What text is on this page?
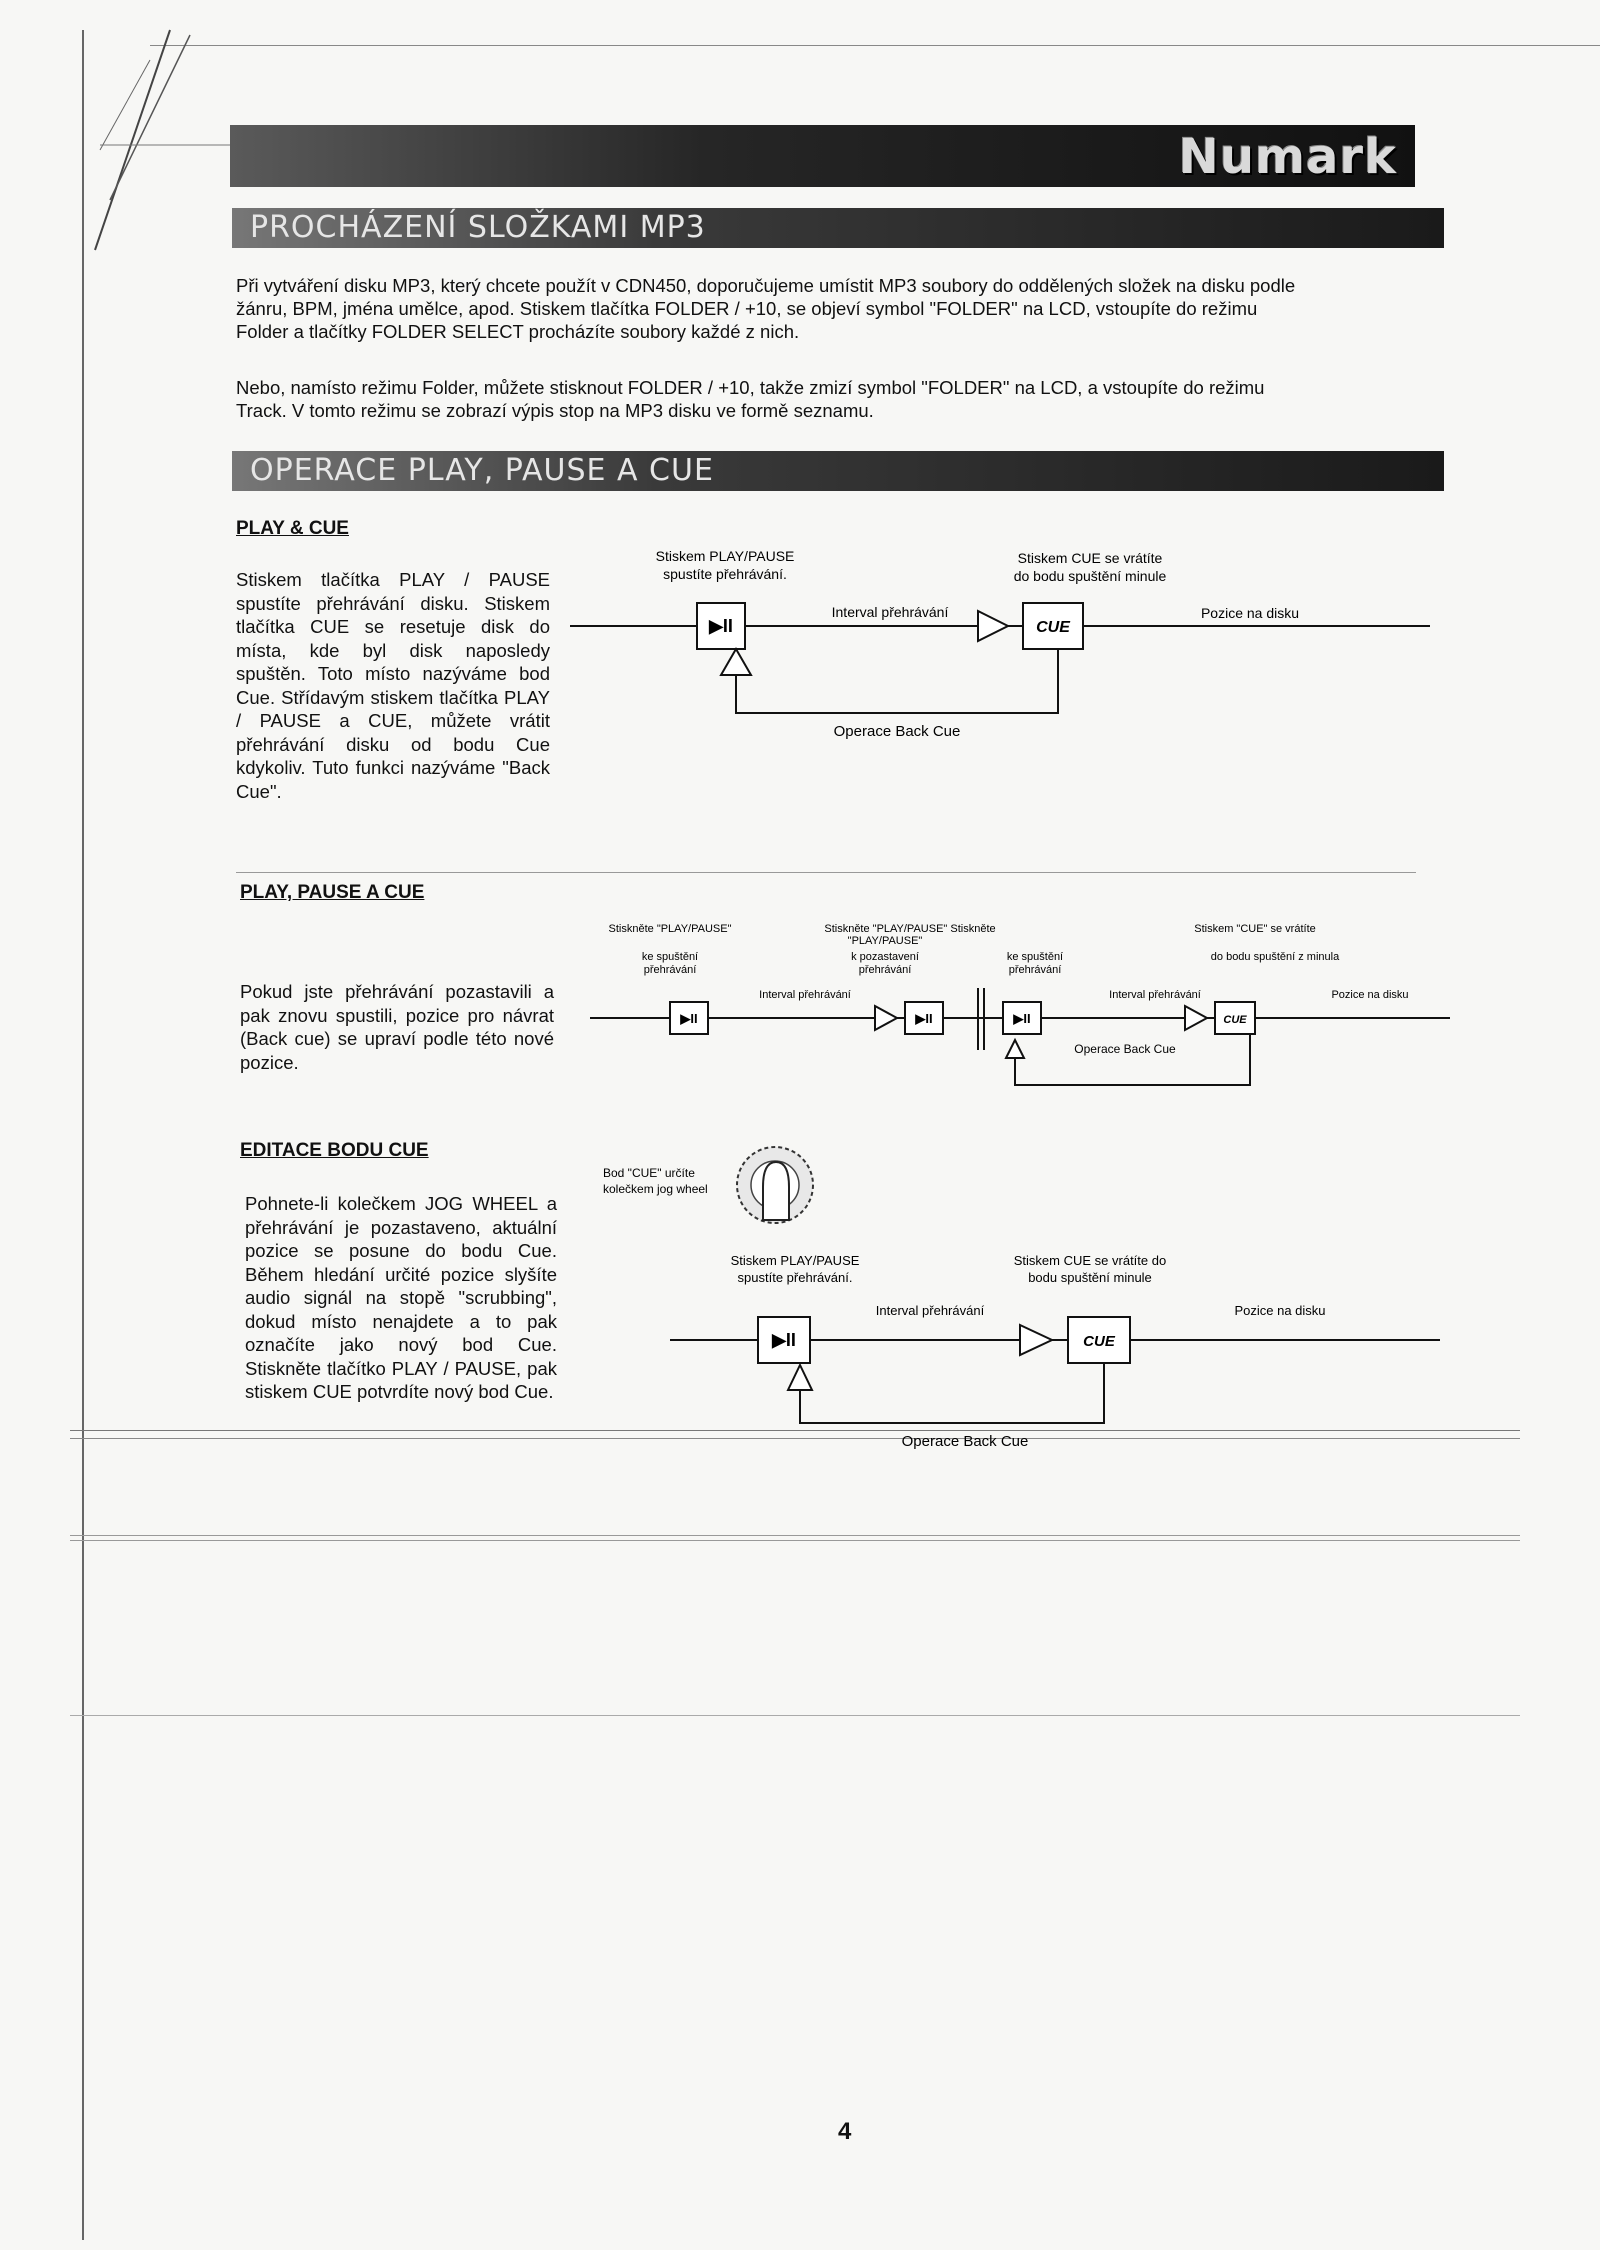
Numark
PROCHÁZENÍ SLOŽKAMI MP3
Při vytváření disku MP3, který chcete použít v CDN450, doporučujeme umístit MP3 soubory do oddělených složek na disku podle
žánru, BPM, jména umělce, apod. Stiskem tlačítka FOLDER / +10, se objeví symbol "FOLDER" na LCD, vstoupíte do režimu
Folder a tlačítky FOLDER SELECT procházíte soubory každé z nich.
Nebo, namísto režimu Folder, můžete stisknout FOLDER / +10, takže zmizí symbol "FOLDER" na LCD, a vstoupíte do režimu
Track. V tomto režimu se zobrazí výpis stop na MP3 disku ve formě seznamu.
OPERACE PLAY, PAUSE A CUE
PLAY & CUE

Stiskem tlačítka PLAY / PAUSE spustíte přehrávání disku. Stiskem tlačítka CUE se resetuje disk do místa, kde byl disk naposledy spuštěn. Toto místo nazýváme bod Cue. Střídavým stiskem tlačítka PLAY / PAUSE a CUE, můžete vrátit přehrávání disku od bodu Cue kdykoliv. Tuto funkci nazýváme "Back Cue".

Stiskem PLAY/PAUSE
spustíte přehrávání.
Stiskem CUE se vrátíte
do bodu spuštění minule
▶II
Interval přehrávání
CUE
Pozice na disku
Operace Back Cue
PLAY, PAUSE A CUE

Pokud jste přehrávání pozastavili a pak znovu spustili, pozice pro návrat (Back cue) se upraví podle této nové pozice.

Stiskněte "PLAY/PAUSE"
ke spuštění
přehrávání
Stiskněte "PLAY/PAUSE" Stiskněte
"PLAY/PAUSE"
k pozastavení
přehrávání
ke spuštění
přehrávání
Stiskem "CUE" se vrátíte
do bodu spuštění z minula
Interval přehrávání	Interval přehrávání	Pozice na disku
▶II	▶II	▶II	CUE
Operace Back Cue
EDITACE BODU CUE

Pohnete-li kolečkem JOG WHEEL a přehrávání je pozastaveno, aktuální pozice se posune do bodu Cue. Během hledání určité pozice slyšíte audio signál na stopě "scrubbing", dokud místo nenajdete a to pak označíte jako nový bod Cue. Stiskněte tlačítko PLAY / PAUSE, pak stiskem CUE potvrdíte nový bod Cue.

Bod "CUE" určíte
kolečkem jog wheel
Stiskem PLAY/PAUSE
spustíte přehrávání.
Stiskem CUE se vrátíte do
bodu spuštění minule
Interval přehrávání	Pozice na disku
▶II	CUE
Operace Back Cue
4
